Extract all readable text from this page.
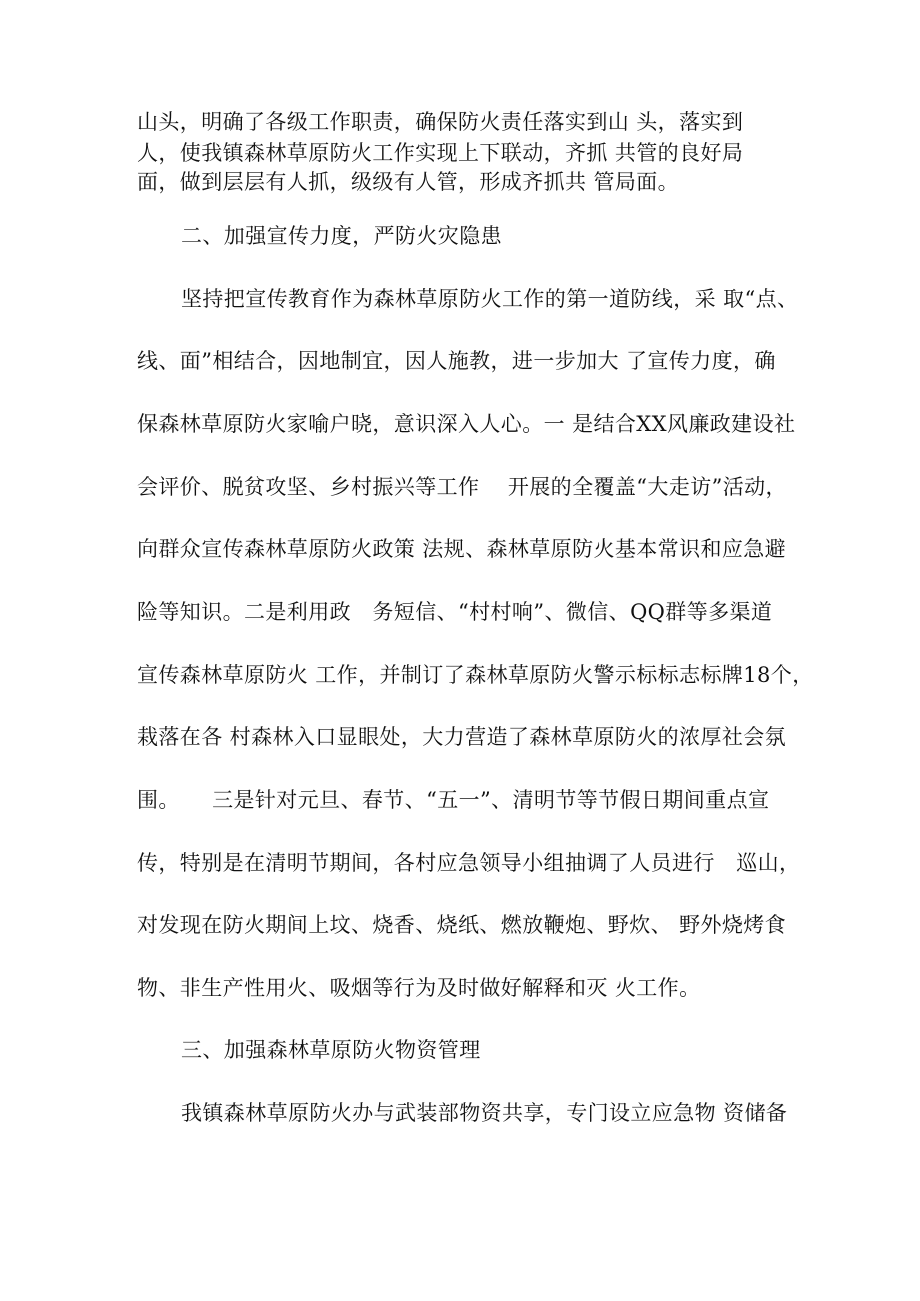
山头，明确了各级工作职责，确保防火责任落实到山 头，落实到
人，使我镇森林草原防火工作实现上下联动，齐抓 共管的良好局
面，做到层层有人抓，级级有人管，形成齐抓共 管局面。
二、加强宣传力度，严防火灾隐患
坚持把宣传教育作为森林草原防火工作的第一道防线，采 取“点、
线、面”相结合，因地制宜，因人施教，进一步加大 了宣传力度，确
保森林草原防火家喻户晓，意识深入人心。一 是结合XX风廉政建设社
会评价、脱贫攻坚、乡村振兴等工作　 开展的全覆盖“大走访”活动，
向群众宣传森林草原防火政策 法规、森林草原防火基本常识和应急避
险等知识。二是利用政　务短信、“村村响”、微信、QQ群等多渠道
宣传森林草原防火 工作，并制订了森林草原防火警示标标志标牌18个，
栽落在各 村森林入口显眼处，大力营造了森林草原防火的浓厚社会氛
围。　　三是针对元旦、春节、“五一”、清明节等节假日期间重点宣
传，特别是在清明节期间，各村应急领导小组抽调了人员进行　巡山，
对发现在防火期间上坟、烧香、烧纸、燃放鞭炮、野炊、 野外烧烤食
物、非生产性用火、吸烟等行为及时做好解释和灭 火工作。
三、加强森林草原防火物资管理
我镇森林草原防火办与武装部物资共享，专门设立应急物 资储备
